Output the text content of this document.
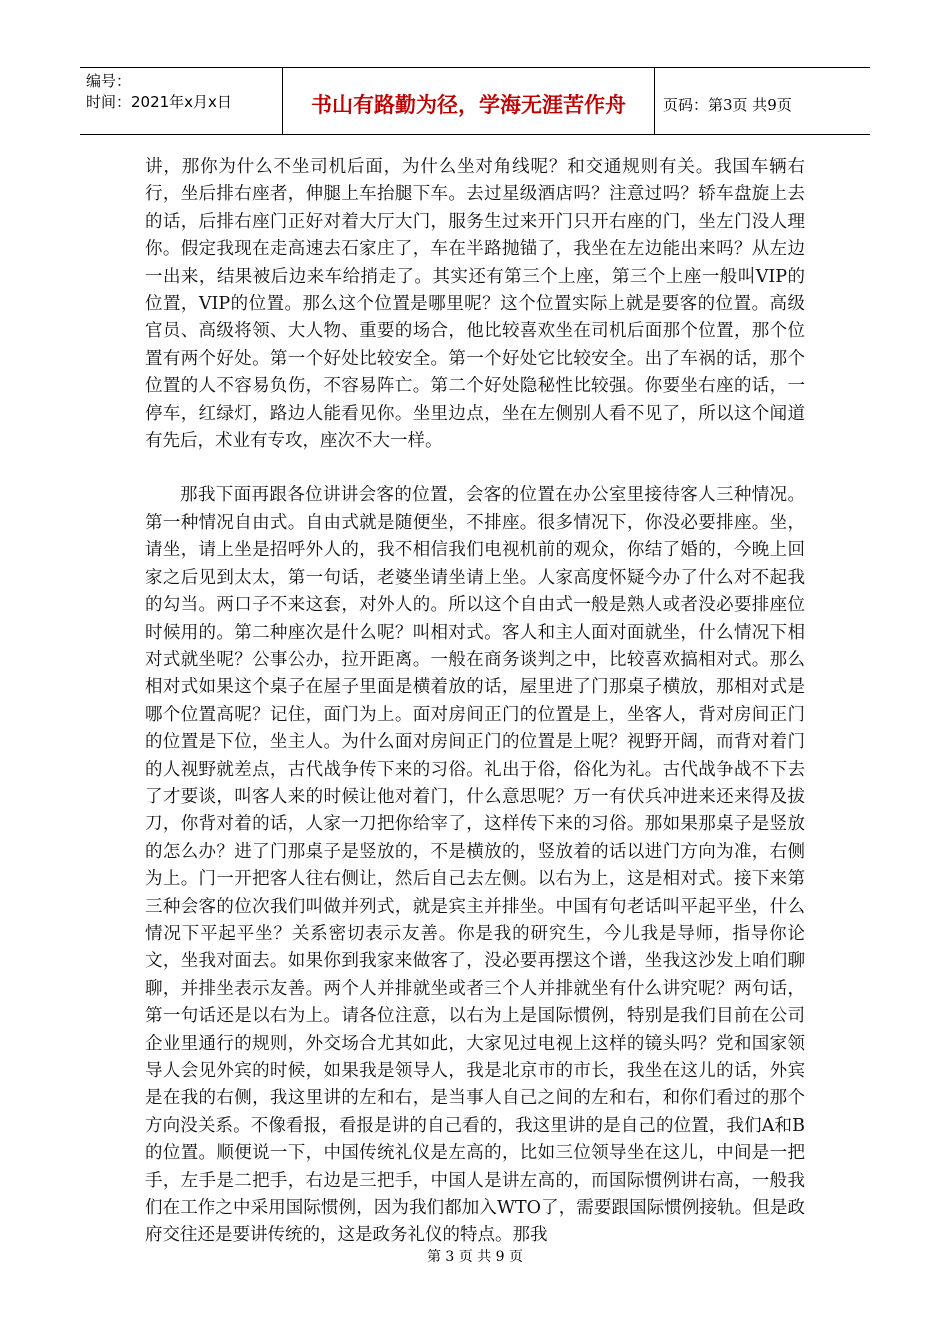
编号：
时间：2021年x月x日	书山有路勤为径，学海无涯苦作舟	页码：第3页 共9页

讲，那你为什么不坐司机后面，为什么坐对角线呢？和交通规则有关。我国车辆右行，坐后排右座者，伸腿上车抬腿下车。去过星级酒店吗？注意过吗？轿车盘旋上去的话，后排右座门正好对着大厅大门，服务生过来开门只开右座的门，坐左门没人理你。假定我现在走高速去石家庄了，车在半路抛锚了，我坐在左边能出来吗？从左边一出来，结果被后边来车给捎走了。其实还有第三个上座，第三个上座一般叫VIP的位置，VIP的位置。那么这个位置是哪里呢？这个位置实际上就是要客的位置。高级官员、高级将领、大人物、重要的场合，他比较喜欢坐在司机后面那个位置，那个位置有两个好处。第一个好处比较安全。第一个好处它比较安全。出了车祸的话，那个位置的人不容易负伤，不容易阵亡。第二个好处隐秘性比较强。你要坐右座的话，一停车，红绿灯，路边人能看见你。坐里边点，坐在左侧别人看不见了，所以这个闻道有先后，术业有专攻，座次不大一样。

那我下面再跟各位讲讲会客的位置，会客的位置在办公室里接待客人三种情况。第一种情况自由式。自由式就是随便坐，不排座。很多情况下，你没必要排座。坐，请坐，请上坐是招呼外人的，我不相信我们电视机前的观众，你结了婚的，今晚上回家之后见到太太，第一句话，老婆坐请坐请上坐。人家高度怀疑今办了什么对不起我的勾当。两口子不来这套，对外人的。所以这个自由式一般是熟人或者没必要排座位时候用的。第二种座次是什么呢？叫相对式。客人和主人面对面就坐，什么情况下相对式就坐呢？公事公办，拉开距离。一般在商务谈判之中，比较喜欢搞相对式。那么相对式如果这个桌子在屋子里面是横着放的话，屋里进了门那桌子横放，那相对式是哪个位置高呢？记住，面门为上。面对房间正门的位置是上，坐客人，背对房间正门的位置是下位，坐主人。为什么面对房间正门的位置是上呢？视野开阔，而背对着门的人视野就差点，古代战争传下来的习俗。礼出于俗，俗化为礼。古代战争战不下去了才要谈，叫客人来的时候让他对着门，什么意思呢？万一有伏兵冲进来还来得及拔刀，你背对着的话，人家一刀把你给宰了，这样传下来的习俗。那如果那桌子是竖放的怎么办？进了门那桌子是竖放的，不是横放的，竖放着的话以进门方向为准，右侧为上。门一开把客人往右侧让，然后自己去左侧。以右为上，这是相对式。接下来第三种会客的位次我们叫做并列式，就是宾主并排坐。中国有句老话叫平起平坐，什么情况下平起平坐？关系密切表示友善。你是我的研究生，今儿我是导师，指导你论文，坐我对面去。如果你到我家来做客了，没必要再摆这个谱，坐我这沙发上咱们聊聊，并排坐表示友善。两个人并排就坐或者三个人并排就坐有什么讲究呢？两句话，第一句话还是以右为上。请各位注意，以右为上是国际惯例，特别是我们目前在公司企业里通行的规则，外交场合尤其如此，大家见过电视上这样的镜头吗？党和国家领导人会见外宾的时候，如果我是领导人，我是北京市的市长，我坐在这儿的话，外宾是在我的右侧，我这里讲的左和右，是当事人自己之间的左和右，和你们看过的那个方向没关系。不像看报，看报是讲的自己看的，我这里讲的是自己的位置，我们A和B的位置。顺便说一下，中国传统礼仪是左高的，比如三位领导坐在这儿，中间是一把手，左手是二把手，右边是三把手，中国人是讲左高的，而国际惯例讲右高，一般我们在工作之中采用国际惯例，因为我们都加入WTO了，需要跟国际惯例接轨。但是政府交往还是要讲传统的，这是政务礼仪的特点。那我

第 3 页 共 9 页
